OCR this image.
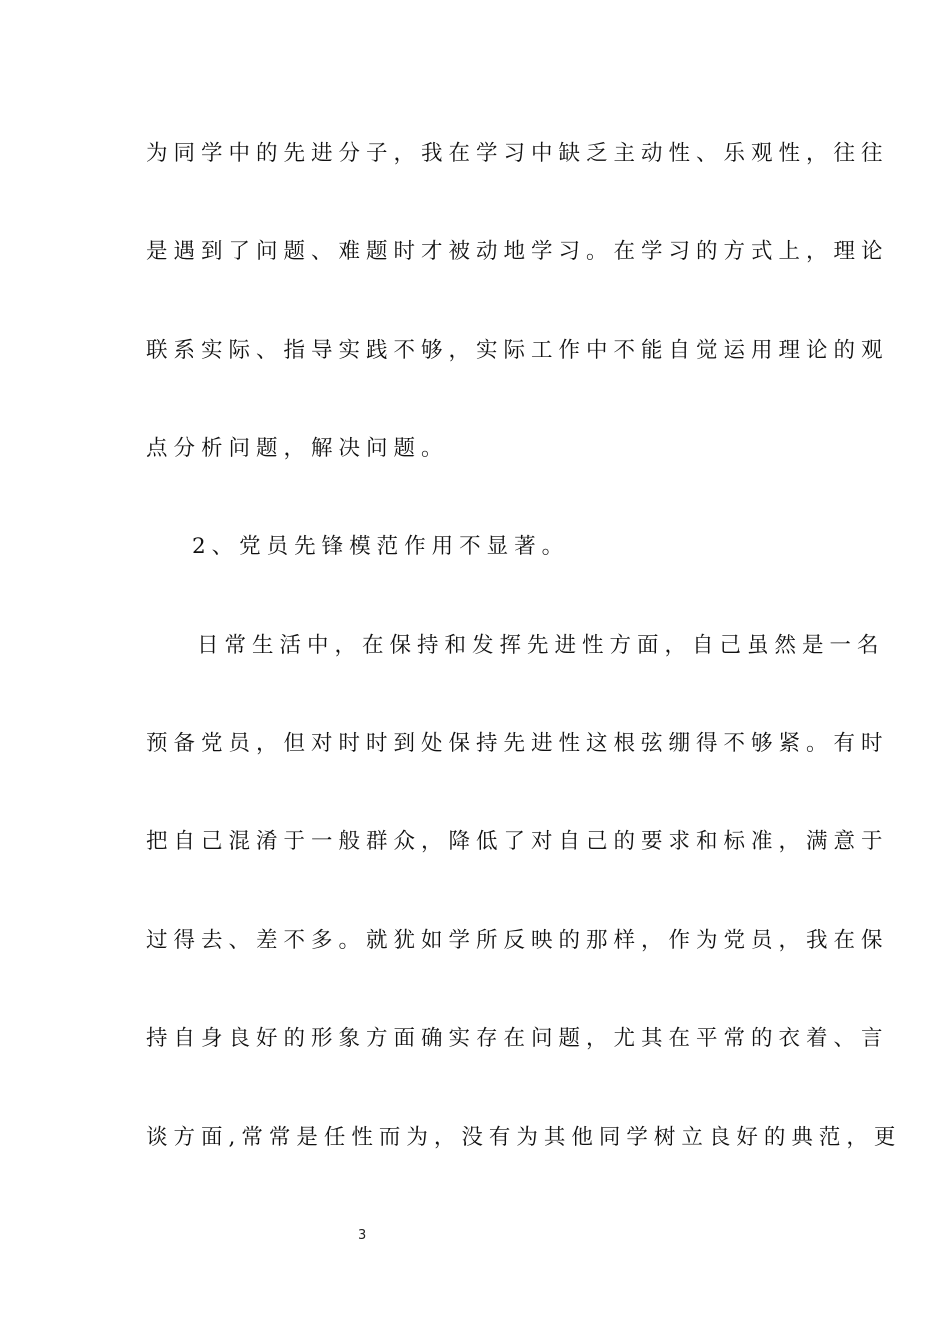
为同学中的先进分子，我在学习中缺乏主动性、乐观性，往往
是遇到了问题、难题时才被动地学习。在学习的方式上，理论
联系实际、指导实践不够，实际工作中不能自觉运用理论的观
点分析问题，解决问题。
2、党员先锋模范作用不显著。
日常生活中，在保持和发挥先进性方面，自己虽然是一名
预备党员，但对时时到处保持先进性这根弦绷得不够紧。有时
把自己混淆于一般群众，降低了对自己的要求和标准，满意于
过得去、差不多。就犹如学所反映的那样，作为党员，我在保
持自身良好的形象方面确实存在问题，尤其在平常的衣着、言
谈方面,常常是任性而为，没有为其他同学树立良好的典范，更
3
